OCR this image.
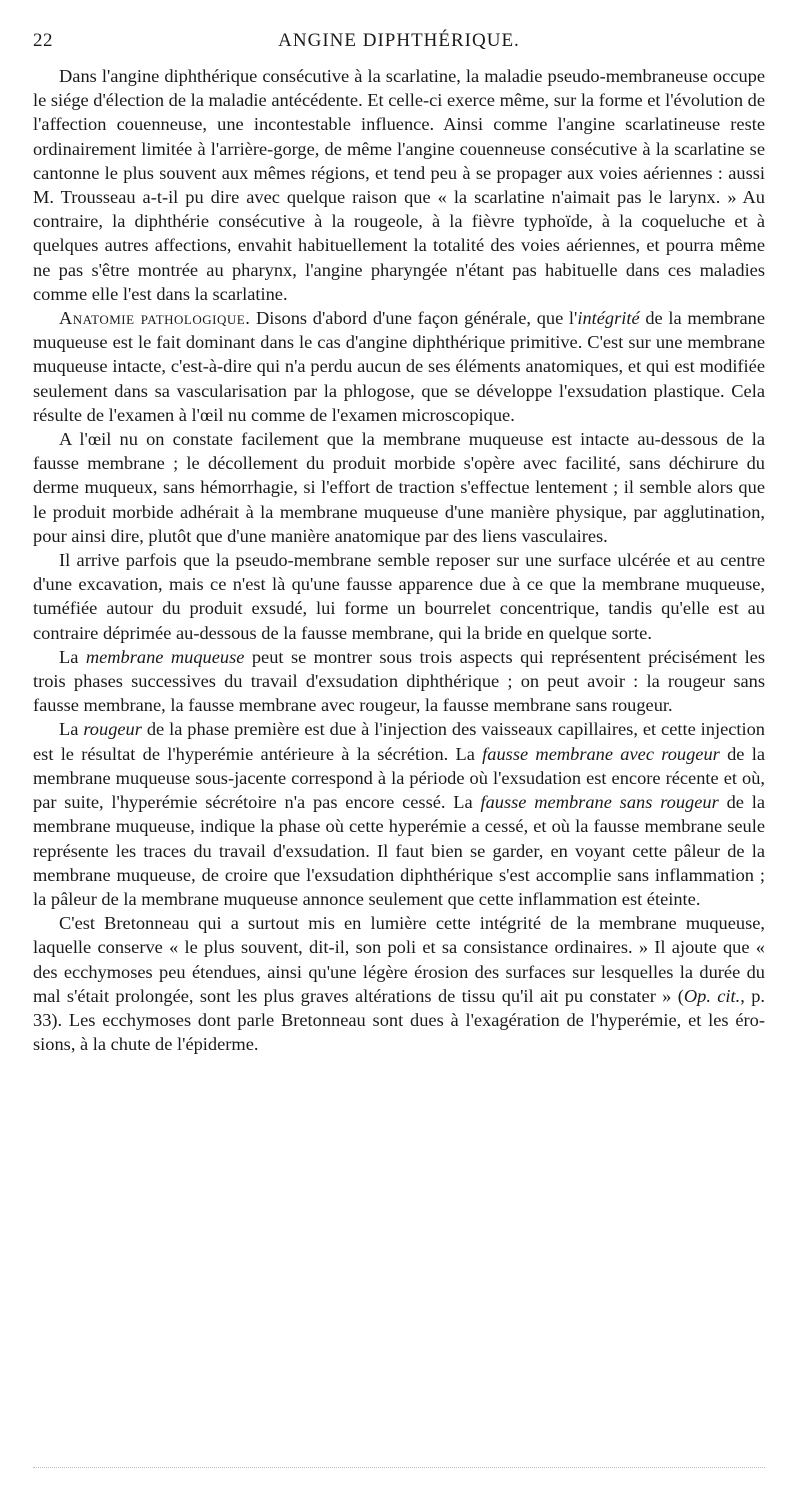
22	ANGINE DIPHTHÉRIQUE.

Dans l'angine diphthérique consécutive à la scarlatine, la maladie pseudo-membraneuse occupe le siége d'élection de la maladie antécédente. Et celle-ci exerce même, sur la forme et l'évolution de l'affection couenneuse, une incontestable influence. Ainsi comme l'angine scarlatineuse reste ordinairement limitée à l'arrière-gorge, de même l'angine couenneuse consécutive à la scarlatine se cantonne le plus souvent aux mêmes régions, et tend peu à se propager aux voies aériennes : aussi M. Trousseau a-t-il pu dire avec quelque raison que « la scarlatine n'aimait pas le larynx. » Au contraire, la diphthérie consécutive à la rougeole, à la fièvre typhoïde, à la coqueluche et à quelques autres affections, envahit habituellement la totalité des voies aériennes, et pourra même ne pas s'être montrée au pharynx, l'angine pharyngée n'étant pas habituelle dans ces maladies comme elle l'est dans la scarlatine.

Anatomie pathologique. Disons d'abord d'une façon générale, que l'intégrité de la membrane muqueuse est le fait dominant dans le cas d'angine diphthérique primitive. C'est sur une membrane muqueuse intacte, c'est-à-dire qui n'a perdu aucun de ses éléments anatomiques, et qui est modifiée seulement dans sa vascularisation par la phlogose, que se développe l'exsudation plastique. Cela résulte de l'examen à l'œil nu comme de l'examen microscopique.

A l'œil nu on constate facilement que la membrane muqueuse est intacte au-dessous de la fausse membrane ; le décollement du produit morbide s'opère avec facilité, sans déchirure du derme muqueux, sans hémorrhagie, si l'effort de traction s'effectue lentement ; il semble alors que le produit morbide adhérait à la membrane muqueuse d'une manière physique, par agglutination, pour ainsi dire, plutôt que d'une manière anatomique par des liens vasculaires.

Il arrive parfois que la pseudo-membrane semble reposer sur une surface ulcérée et au centre d'une excavation, mais ce n'est là qu'une fausse apparence due à ce que la membrane muqueuse, tuméfiée autour du produit exsudé, lui forme un bourrelet concentrique, tandis qu'elle est au contraire déprimée au-dessous de la fausse membrane, qui la bride en quelque sorte.

La membrane muqueuse peut se montrer sous trois aspects qui représentent précisément les trois phases successives du travail d'exsudation diphthérique ; on peut avoir : la rougeur sans fausse membrane, la fausse membrane avec rougeur, la fausse membrane sans rougeur.

La rougeur de la phase première est due à l'injection des vaisseaux capillaires, et cette injection est le résultat de l'hyperémie antérieure à la sécrétion. La fausse membrane avec rougeur de la membrane muqueuse sous-jacente correspond à la période où l'exsudation est encore récente et où, par suite, l'hyperémie sécrétoire n'a pas encore cessé. La fausse membrane sans rougeur de la membrane muqueuse, indique la phase où cette hyperémie a cessé, et où la fausse membrane seule représente les traces du travail d'exsudation. Il faut bien se garder, en voyant cette pâleur de la membrane muqueuse, de croire que l'exsudation diphthérique s'est accomplie sans inflammation ; la pâleur de la membrane muqueuse annonce seulement que cette inflammation est éteinte.

C'est Bretonneau qui a surtout mis en lumière cette intégrité de la membrane muqueuse, laquelle conserve « le plus souvent, dit-il, son poli et sa consistance ordinaires. » Il ajoute que « des ecchymoses peu étendues, ainsi qu'une légère érosion des surfaces sur lesquelles la durée du mal s'était prolongée, sont les plus graves altérations de tissu qu'il ait pu constater » (Op. cit., p. 33). Les ecchymoses dont parle Bretonneau sont dues à l'exagération de l'hyperémie, et les érosions, à la chute de l'épiderme.
